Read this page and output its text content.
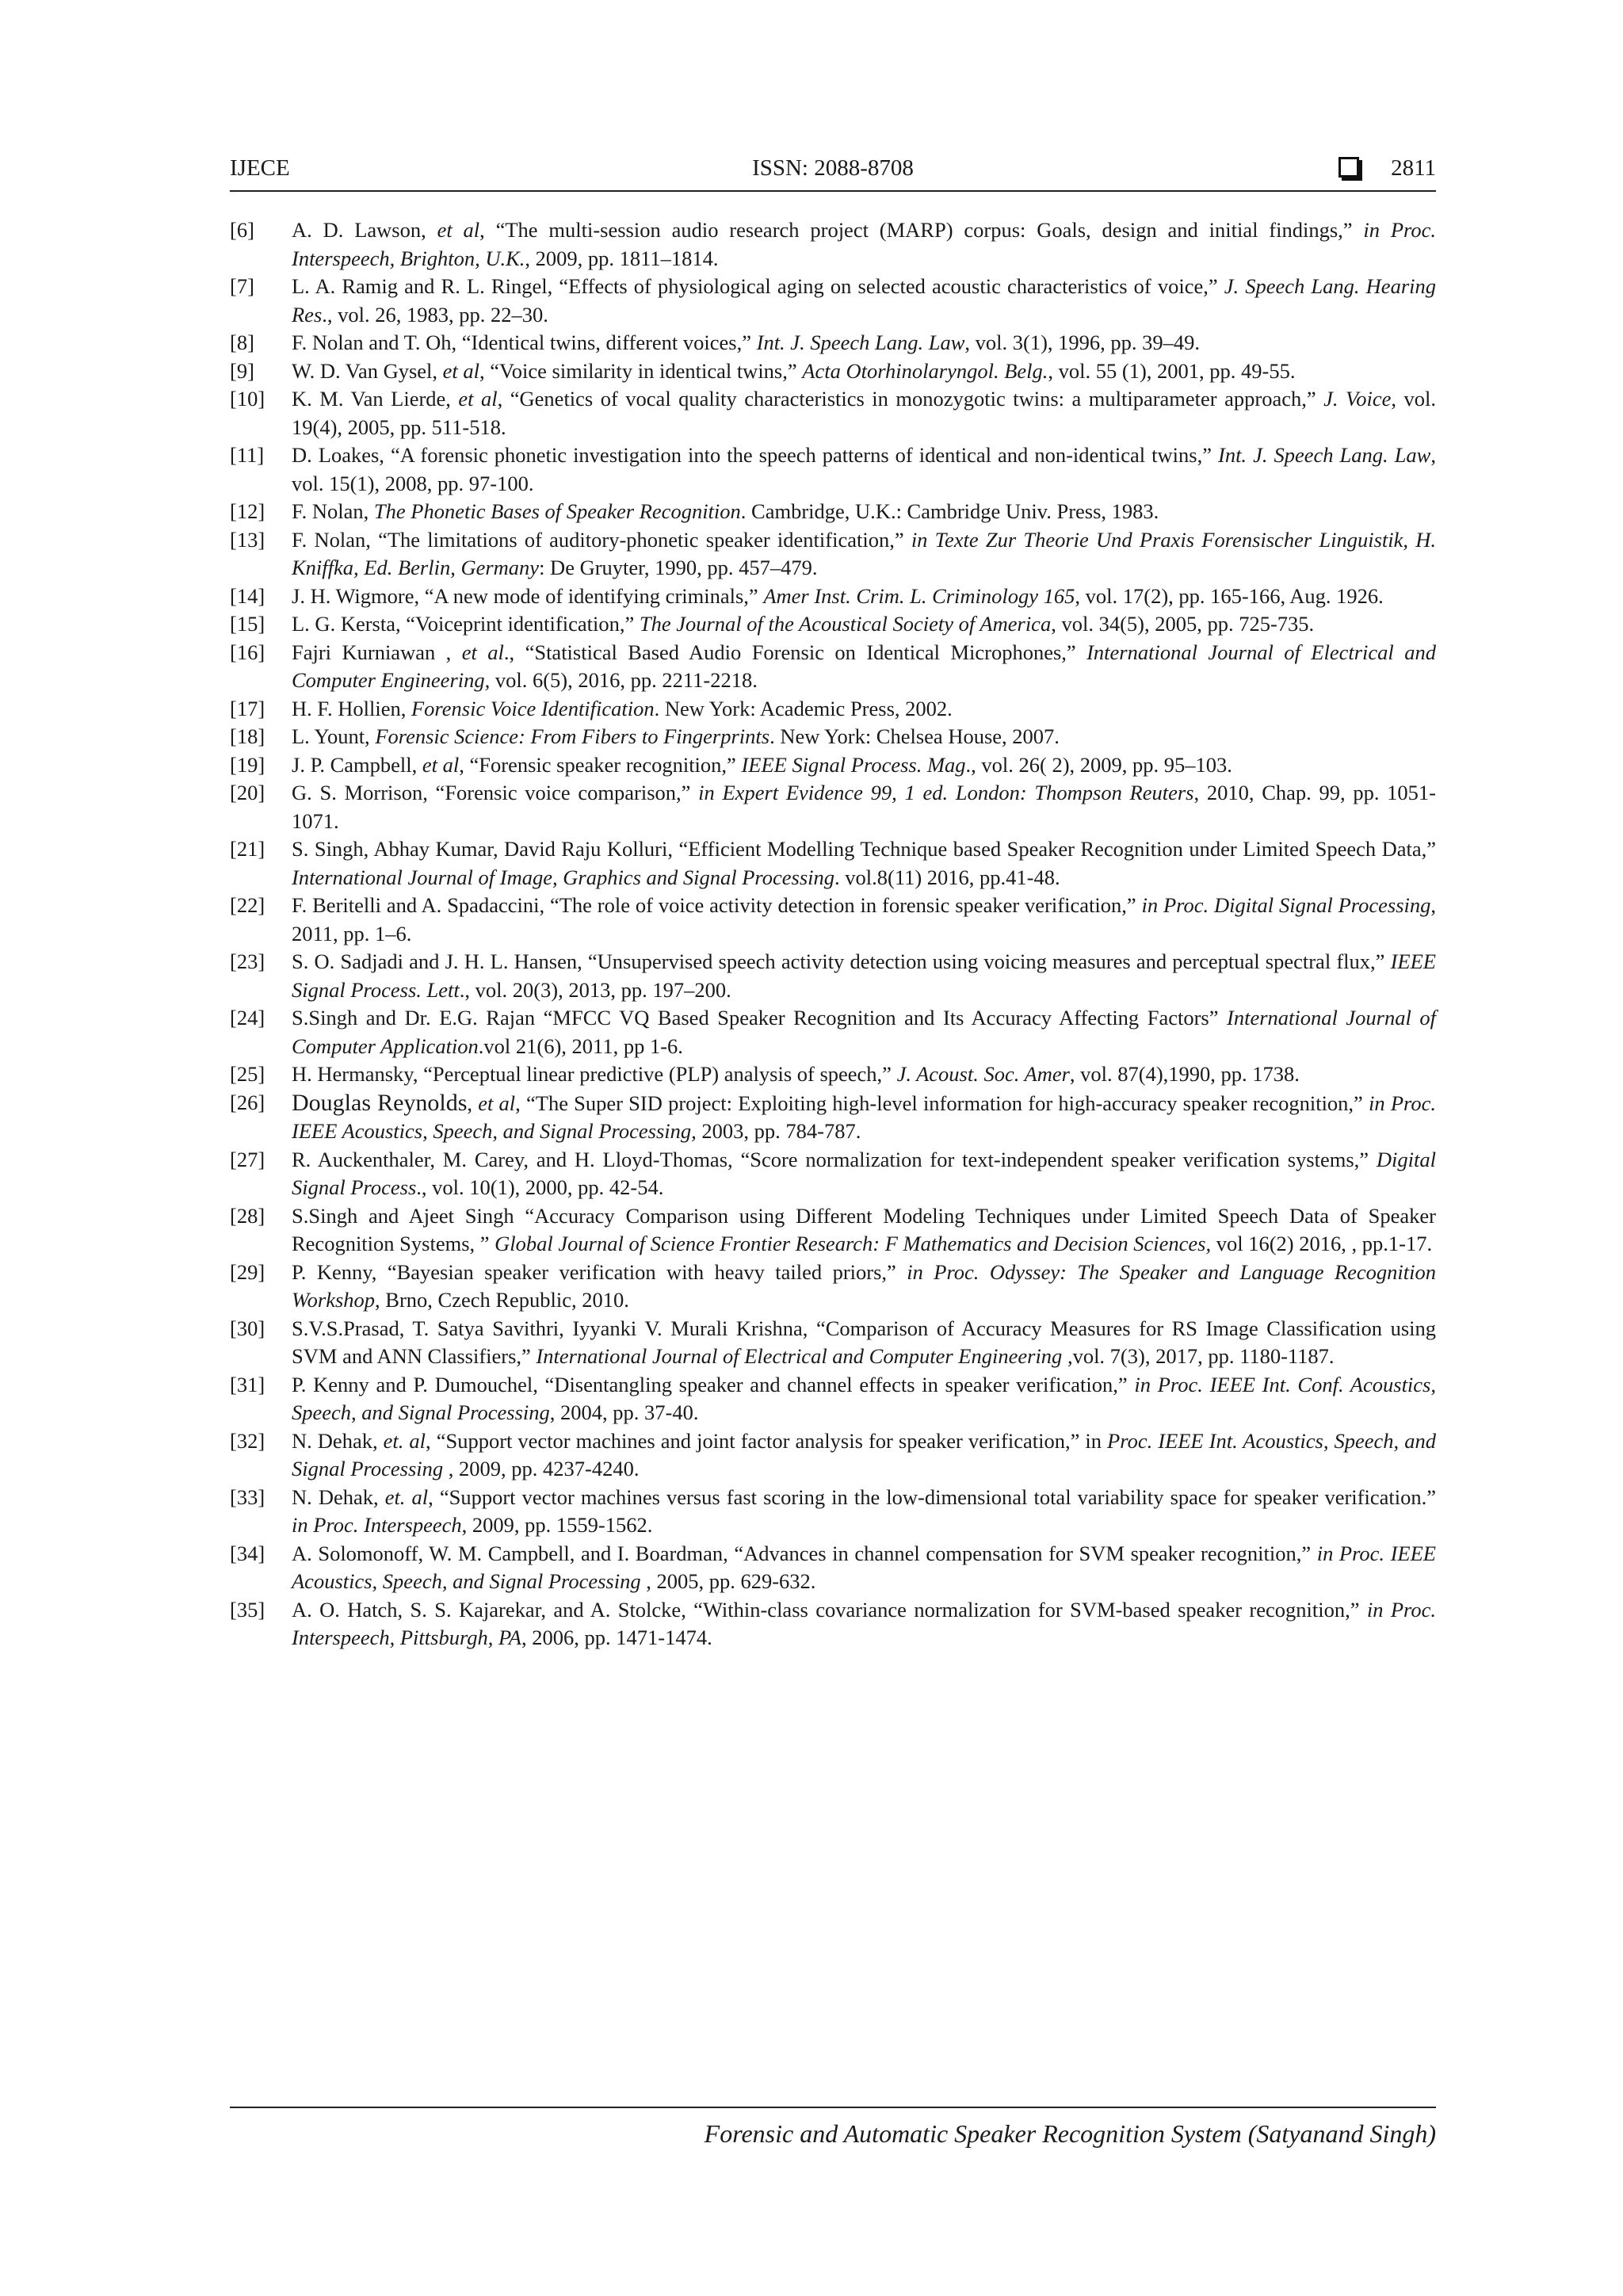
IJECE	ISSN: 2088-8708	2811
[6]	A. D. Lawson, et al, “The multi-session audio research project (MARP) corpus: Goals, design and initial findings,” in Proc. Interspeech, Brighton, U.K., 2009, pp. 1811–1814.
[7]	L. A. Ramig and R. L. Ringel, “Effects of physiological aging on selected acoustic characteristics of voice,” J. Speech Lang. Hearing Res., vol. 26, 1983, pp. 22–30.
[8]	F. Nolan and T. Oh, “Identical twins, different voices,” Int. J. Speech Lang. Law, vol. 3(1), 1996, pp. 39–49.
[9]	W. D. Van Gysel, et al, “Voice similarity in identical twins,” Acta Otorhinolaryngol. Belg., vol. 55 (1), 2001, pp. 49-55.
[10]	K. M. Van Lierde, et al, “Genetics of vocal quality characteristics in monozygotic twins: a multiparameter approach,” J. Voice, vol. 19(4), 2005, pp. 511-518.
[11]	D. Loakes, “A forensic phonetic investigation into the speech patterns of identical and non-identical twins,” Int. J. Speech Lang. Law, vol. 15(1), 2008, pp. 97-100.
[12]	F. Nolan, The Phonetic Bases of Speaker Recognition. Cambridge, U.K.: Cambridge Univ. Press, 1983.
[13]	F. Nolan, “The limitations of auditory-phonetic speaker identification,” in Texte Zur Theorie Und Praxis Forensischer Linguistik, H. Kniffka, Ed. Berlin, Germany: De Gruyter, 1990, pp. 457–479.
[14]	J. H. Wigmore, “A new mode of identifying criminals,” Amer Inst. Crim. L. Criminology 165, vol. 17(2), pp. 165-166, Aug. 1926.
[15]	L. G. Kersta, “Voiceprint identification,” The Journal of the Acoustical Society of America, vol. 34(5), 2005, pp. 725-735.
[16]	Fajri Kurniawan , et al., “Statistical Based Audio Forensic on Identical Microphones,” International Journal of Electrical and Computer Engineering, vol. 6(5), 2016, pp. 2211-2218.
[17]	H. F. Hollien, Forensic Voice Identification. New York: Academic Press, 2002.
[18]	L. Yount, Forensic Science: From Fibers to Fingerprints. New York: Chelsea House, 2007.
[19]	J. P. Campbell, et al, “Forensic speaker recognition,” IEEE Signal Process. Mag., vol. 26( 2), 2009, pp. 95–103.
[20]	G. S. Morrison, “Forensic voice comparison,” in Expert Evidence 99, 1 ed. London: Thompson Reuters, 2010, Chap. 99, pp. 1051-1071.
[21]	S. Singh, Abhay Kumar, David Raju Kolluri, “Efficient Modelling Technique based Speaker Recognition under Limited Speech Data,” International Journal of Image, Graphics and Signal Processing. vol.8(11) 2016, pp.41-48.
[22]	F. Beritelli and A. Spadaccini, “The role of voice activity detection in forensic speaker verification,” in Proc. Digital Signal Processing, 2011, pp. 1–6.
[23]	S. O. Sadjadi and J. H. L. Hansen, “Unsupervised speech activity detection using voicing measures and perceptual spectral flux,” IEEE Signal Process. Lett., vol. 20(3), 2013, pp. 197–200.
[24]	S.Singh and Dr. E.G. Rajan “MFCC VQ Based Speaker Recognition and Its Accuracy Affecting Factors” International Journal of Computer Application.vol 21(6), 2011, pp 1-6.
[25]	H. Hermansky, “Perceptual linear predictive (PLP) analysis of speech,” J. Acoust. Soc. Amer, vol. 87(4),1990, pp. 1738.
[26]	Douglas Reynolds, et al, “The Super SID project: Exploiting high-level information for high-accuracy speaker recognition,” in Proc. IEEE Acoustics, Speech, and Signal Processing, 2003, pp. 784-787.
[27]	R. Auckenthaler, M. Carey, and H. Lloyd-Thomas, “Score normalization for text-independent speaker verification systems,” Digital Signal Process., vol. 10(1), 2000, pp. 42-54.
[28]	S.Singh and Ajeet Singh “Accuracy Comparison using Different Modeling Techniques under Limited Speech Data of Speaker Recognition Systems, ” Global Journal of Science Frontier Research: F Mathematics and Decision Sciences, vol 16(2) 2016, , pp.1-17.
[29]	P. Kenny, “Bayesian speaker verification with heavy tailed priors,” in Proc. Odyssey: The Speaker and Language Recognition Workshop, Brno, Czech Republic, 2010.
[30]	S.V.S.Prasad, T. Satya Savithri, Iyyanki V. Murali Krishna, “Comparison of Accuracy Measures for RS Image Classification using SVM and ANN Classifiers,” International Journal of Electrical and Computer Engineering ,vol. 7(3), 2017, pp. 1180-1187.
[31]	P. Kenny and P. Dumouchel, “Disentangling speaker and channel effects in speaker verification,” in Proc. IEEE Int. Conf. Acoustics, Speech, and Signal Processing, 2004, pp. 37-40.
[32]	N. Dehak, et. al, “Support vector machines and joint factor analysis for speaker verification,” in Proc. IEEE Int. Acoustics, Speech, and Signal Processing , 2009, pp. 4237-4240.
[33]	N. Dehak, et. al, “Support vector machines versus fast scoring in the low-dimensional total variability space for speaker verification.” in Proc. Interspeech, 2009, pp. 1559-1562.
[34]	A. Solomonoff, W. M. Campbell, and I. Boardman, “Advances in channel compensation for SVM speaker recognition,” in Proc. IEEE Acoustics, Speech, and Signal Processing , 2005, pp. 629-632.
[35]	A. O. Hatch, S. S. Kajarekar, and A. Stolcke, “Within-class covariance normalization for SVM-based speaker recognition,” in Proc. Interspeech, Pittsburgh, PA, 2006, pp. 1471-1474.
Forensic and Automatic Speaker Recognition System (Satyanand Singh)
